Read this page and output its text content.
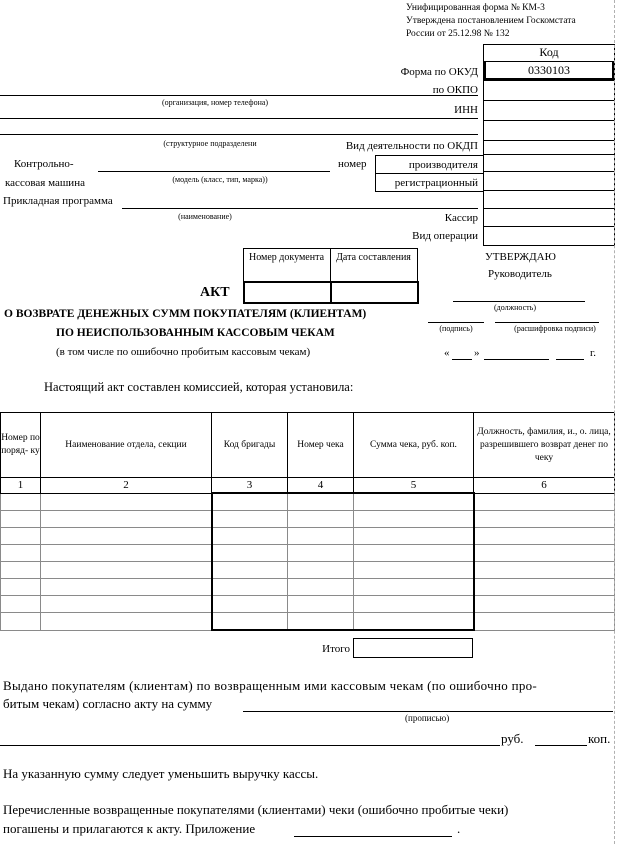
Унифицированная форма № КМ-3
Утверждена постановлением Госкомстата
России от 25.12.98 № 132
Код
0330103
Форма по ОКУД
по ОКПО
(организация, номер телефона)
ИНН
(структурное подразделени	Вид деятельности по ОКДП
Контрольно-
кассовая машина	(модель (класс, тип, марка))
номер	производителя
регистрационный
Прикладная программа
(наименование)	Кассир
Вид операции
Номер документа	Дата составления
АКТ
УТВЕРЖДАЮ
Руководитель
(должность)
(подпись)	(расшифровка подписи)
« »	г.
О ВОЗВРАТЕ ДЕНЕЖНЫХ СУММ ПОКУПАТЕЛЯМ (КЛИЕНТАМ)
ПО НЕИСПОЛЬЗОВАННЫМ КАССОВЫМ ЧЕКАМ
(в том числе по ошибочно пробитым кассовым чекам)
Настоящий акт составлен комиссией, которая установила:
Номер по поряд- ку	Наименование отдела, секции	Код бригады	Номер чека	Сумма чека, руб. коп.	Должность, фамилия, и., о. лица, разрешившего возврат денег по чеку
1	2	3	4	5	6

Итого
Выдано покупателям (клиентам) по возвращенным ими кассовым чекам (по ошибочно про-
битым чекам) согласно акту на сумму
(прописью)
руб.	коп.
На указанную сумму следует уменьшить выручку кассы.
Перечисленные возвращенные покупателями (клиентами) чеки (ошибочно пробитые чеки)
погашены и прилагаются к акту. Приложение	.
